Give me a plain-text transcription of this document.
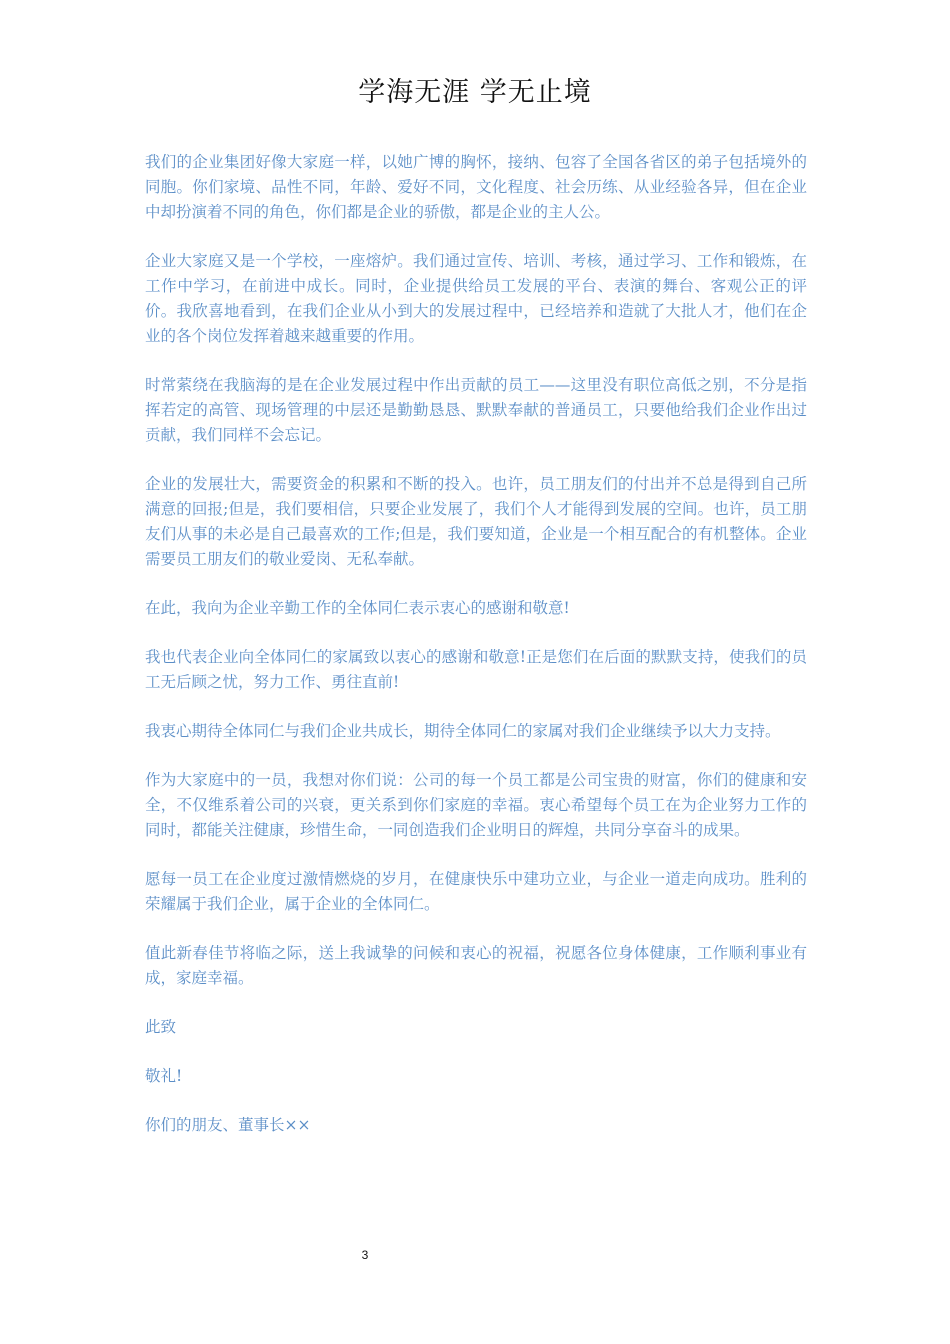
学海无涯 学无止境

我们的企业集团好像大家庭一样，以她广博的胸怀，接纳、包容了全国各省区的弟子包括境外的同胞。你们家境、品性不同，年龄、爱好不同，文化程度、社会历练、从业经验各异，但在企业中却扮演着不同的角色，你们都是企业的骄傲，都是企业的主人公。

企业大家庭又是一个学校，一座熔炉。我们通过宣传、培训、考核，通过学习、工作和锻炼，在工作中学习，在前进中成长。同时，企业提供给员工发展的平台、表演的舞台、客观公正的评价。我欣喜地看到，在我们企业从小到大的发展过程中，已经培养和造就了大批人才，他们在企业的各个岗位发挥着越来越重要的作用。

时常萦绕在我脑海的是在企业发展过程中作出贡献的员工——这里没有职位高低之别，不分是指挥若定的高管、现场管理的中层还是勤勤恳恳、默默奉献的普通员工，只要他给我们企业作出过贡献，我们同样不会忘记。

企业的发展壮大，需要资金的积累和不断的投入。也许，员工朋友们的付出并不总是得到自己所满意的回报;但是，我们要相信，只要企业发展了，我们个人才能得到发展的空间。也许，员工朋友们从事的未必是自己最喜欢的工作;但是，我们要知道，企业是一个相互配合的有机整体。企业需要员工朋友们的敬业爱岗、无私奉献。

在此，我向为企业辛勤工作的全体同仁表示衷心的感谢和敬意!

我也代表企业向全体同仁的家属致以衷心的感谢和敬意!正是您们在后面的默默支持，使我们的员工无后顾之忧，努力工作、勇往直前!

我衷心期待全体同仁与我们企业共成长，期待全体同仁的家属对我们企业继续予以大力支持。

作为大家庭中的一员，我想对你们说：公司的每一个员工都是公司宝贵的财富，你们的健康和安全，不仅维系着公司的兴衰，更关系到你们家庭的幸福。衷心希望每个员工在为企业努力工作的同时，都能关注健康，珍惜生命，一同创造我们企业明日的辉煌，共同分享奋斗的成果。

愿每一员工在企业度过激情燃烧的岁月，在健康快乐中建功立业，与企业一道走向成功。胜利的荣耀属于我们企业，属于企业的全体同仁。

值此新春佳节将临之际，送上我诚挚的问候和衷心的祝福，祝愿各位身体健康，工作顺利事业有成，家庭幸福。

此致

敬礼!

你们的朋友、董事长××

3
